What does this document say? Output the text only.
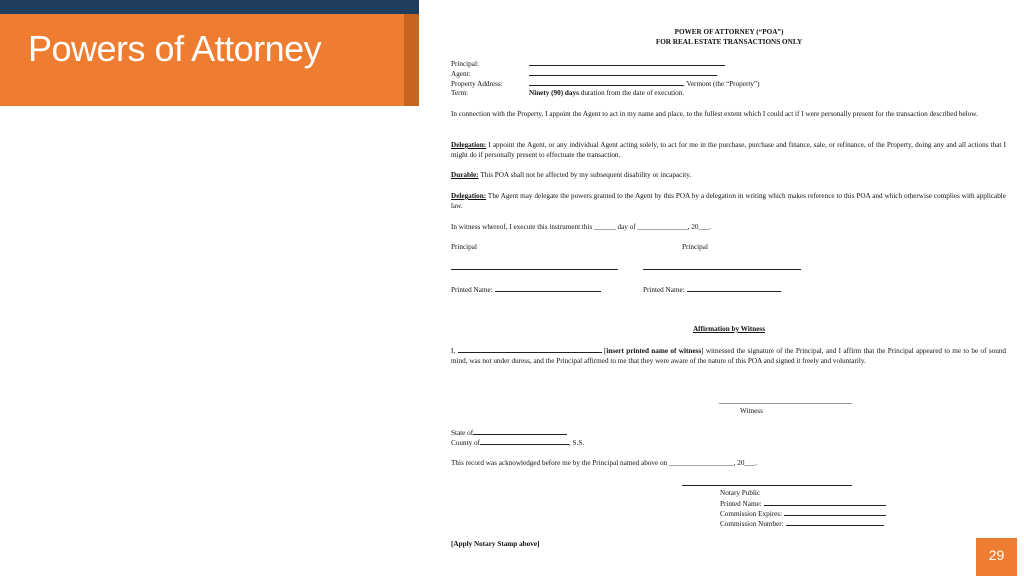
Powers of Attorney	POWER OF ATTORNEY (“POA”)
FOR REAL ESTATE TRANSACTIONS ONLY
Principal:
Agent:
Property Address:	, Vermont (the “Property”)
Term:	Ninety (90) days duration from the date of execution.
In connection with the Property, I appoint the Agent to act in my name and place, to the fullest extent which I could act if I were personally present for the transaction described below.
Delegation: I appoint the Agent, or any individual Agent acting solely, to act for me in the purchase, purchase and finance, sale, or refinance, of the Property, doing any and all actions that I might do if personally present to effectuate the transaction.
Durable: This POA shall not be affected by my subsequent disability or incapacity.
Delegation: The Agent may delegate the powers granted to the Agent by this POA by a delegation in writing which makes reference to this POA and which otherwise complies with applicable law.
In witness whereof, I execute this instrument this ______ day of ______________, 20___.
Principal	Principal
Printed Name:	Printed Name:
Affirmation by Witness
I,	[insert printed name of witness] witnessed the signature of the Principal, and I affirm that the Principal appeared to me to be of sound mind, was not under duress, and the Principal affirmed to me that they were aware of the nature of this POA and signed it freely and voluntarily.
Witness
State of
County of	, S.S.
This record was acknowledged before me by the Principal named above on __________________, 20___.
Notary Public
Printed Name:
Commission Expires:
Commission Number:
[Apply Notary Stamp above]
29
